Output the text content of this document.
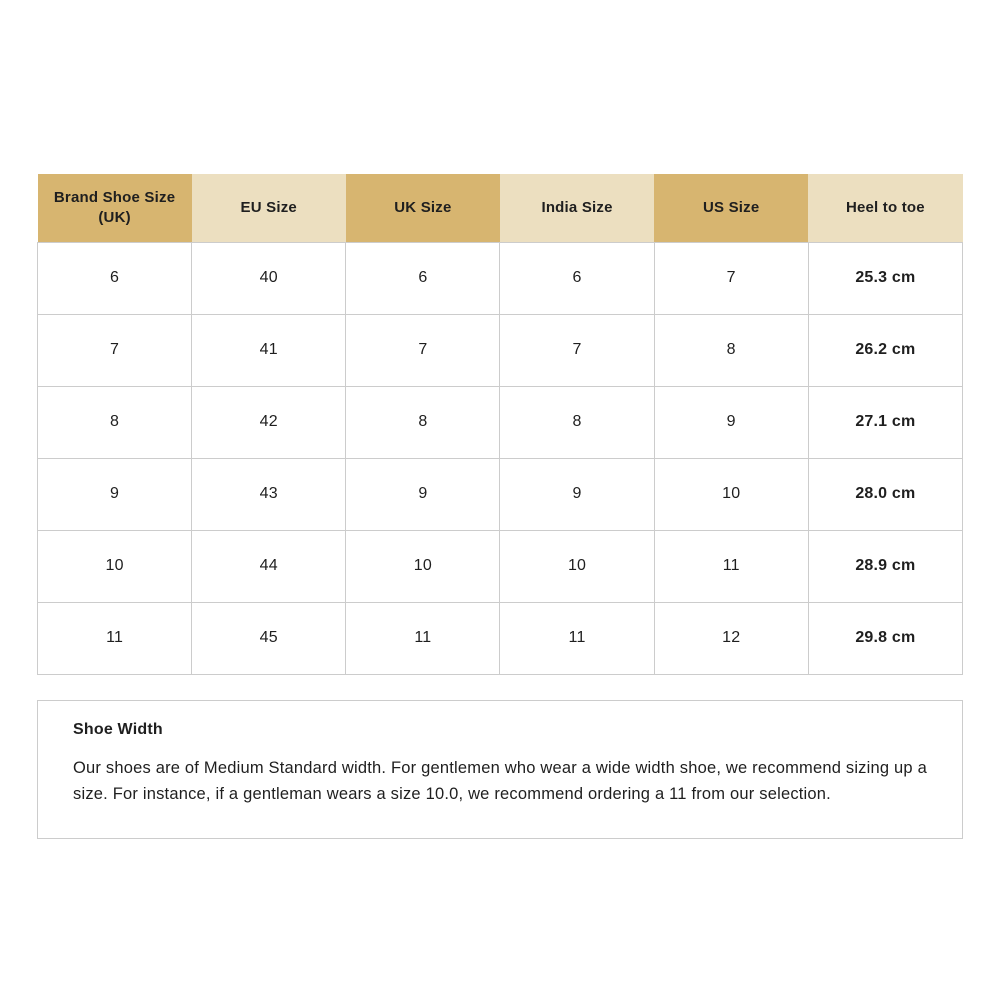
Brand Shoe Size (UK)	EU Size	UK Size	India Size	US Size	Heel to toe
6	40	6	6	7	25.3 cm
7	41	7	7	8	26.2 cm
8	42	8	8	9	27.1 cm
9	43	9	9	10	28.0 cm
10	44	10	10	11	28.9 cm
11	45	11	11	12	29.8 cm
Shoe Width

Our shoes are of Medium Standard width. For gentlemen who wear a wide width shoe, we recommend sizing up a size. For instance, if a gentleman wears a size 10.0, we recommend ordering a 11 from our selection.
